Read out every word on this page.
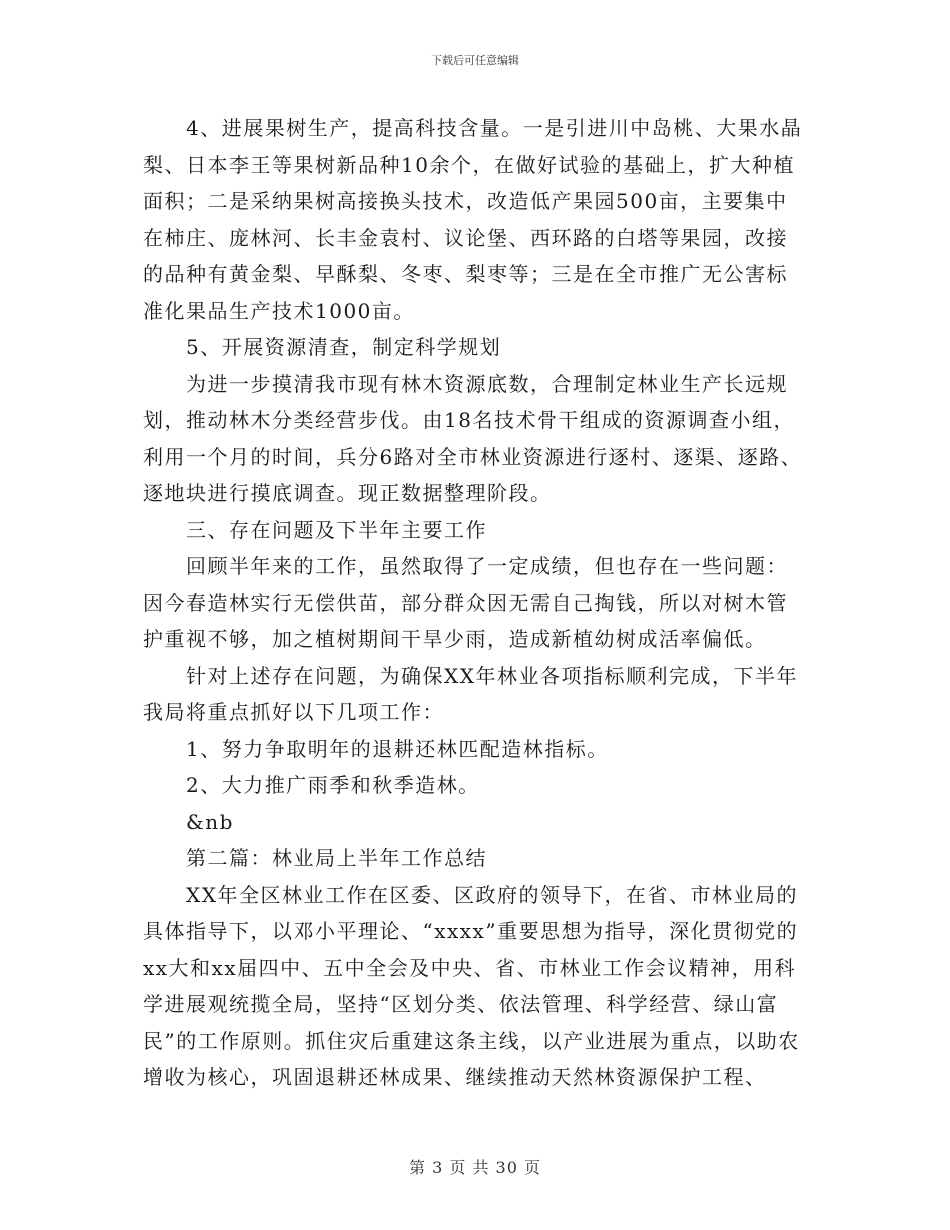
下载后可任意编辑

4、进展果树生产，提高科技含量。一是引进川中岛桃、大果水晶梨、日本李王等果树新品种10余个，在做好试验的基础上，扩大种植面积；二是采纳果树高接换头技术，改造低产果园500亩，主要集中在柿庄、庞林河、长丰金袁村、议论堡、西环路的白塔等果园，改接的品种有黄金梨、早酥梨、冬枣、梨枣等；三是在全市推广无公害标准化果品生产技术1000亩。

5、开展资源清查，制定科学规划

为进一步摸清我市现有林木资源底数，合理制定林业生产长远规划，推动林木分类经营步伐。由18名技术骨干组成的资源调查小组，利用一个月的时间，兵分6路对全市林业资源进行逐村、逐渠、逐路、逐地块进行摸底调查。现正数据整理阶段。

三、存在问题及下半年主要工作

回顾半年来的工作，虽然取得了一定成绩，但也存在一些问题：因今春造林实行无偿供苗，部分群众因无需自己掏钱，所以对树木管护重视不够，加之植树期间干旱少雨，造成新植幼树成活率偏低。

针对上述存在问题，为确保XX年林业各项指标顺利完成，下半年我局将重点抓好以下几项工作：

1、努力争取明年的退耕还林匹配造林指标。

2、大力推广雨季和秋季造林。

&nb

第二篇：林业局上半年工作总结

XX年全区林业工作在区委、区政府的领导下，在省、市林业局的具体指导下，以邓小平理论、“xxxx”重要思想为指导，深化贯彻党的xx大和xx届四中、五中全会及中央、省、市林业工作会议精神，用科学进展观统揽全局，坚持“区划分类、依法管理、科学经营、绿山富民”的工作原则。抓住灾后重建这条主线，以产业进展为重点，以助农增收为核心，巩固退耕还林成果、继续推动天然林资源保护工程、

第 3 页 共 30 页
